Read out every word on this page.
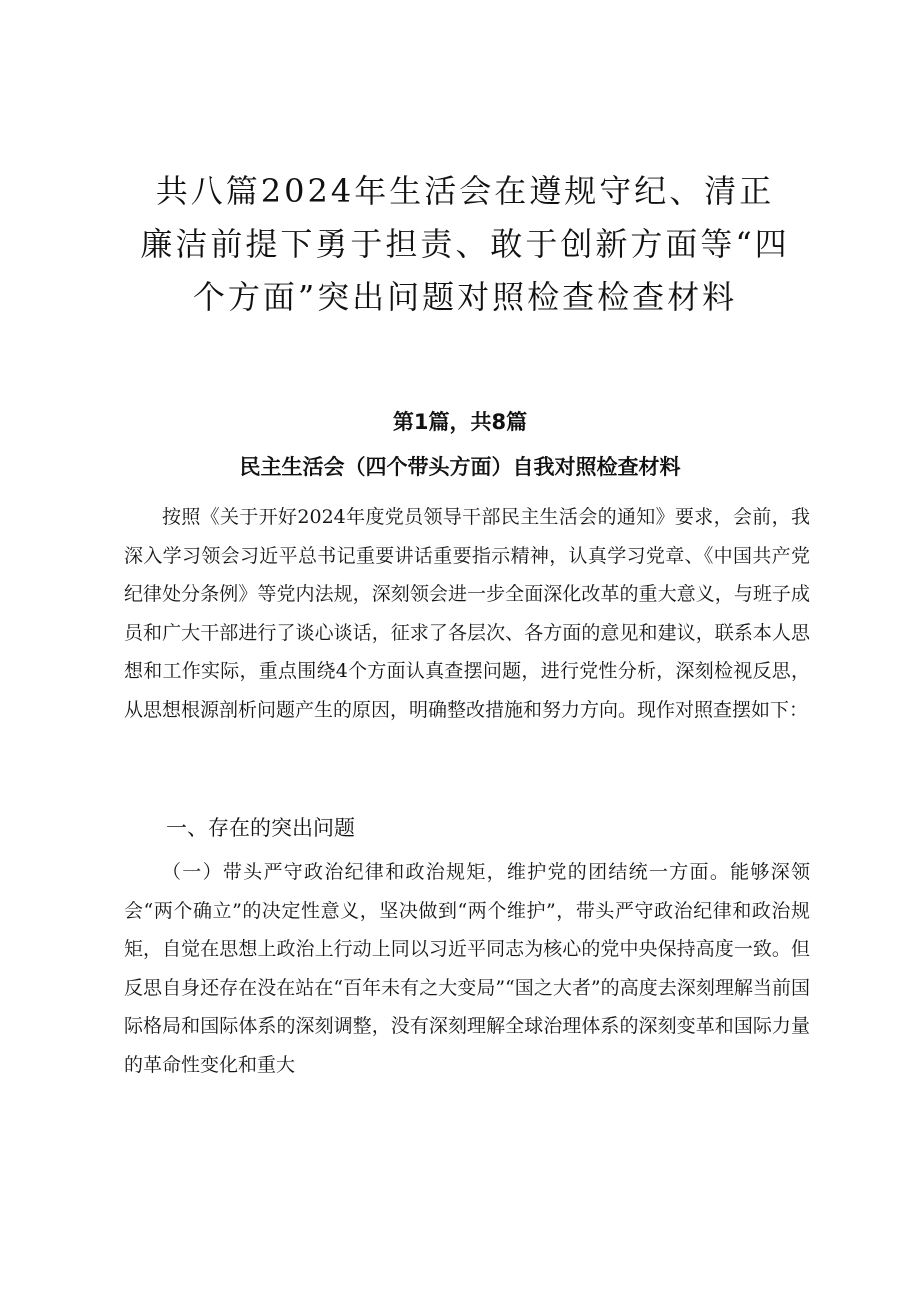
共八篇2024年生活会在遵规守纪、清正廉洁前提下勇于担责、敢于创新方面等“四个方面”突出问题对照检查检查材料

第1篇，共8篇

民主生活会（四个带头方面）自我对照检查材料

按照《关于开好2024年度党员领导干部民主生活会的通知》要求，会前，我深入学习领会习近平总书记重要讲话重要指示精神，认真学习党章、《中国共产党纪律处分条例》等党内法规，深刻领会进一步全面深化改革的重大意义，与班子成员和广大干部进行了谈心谈话，征求了各层次、各方面的意见和建议，联系本人思想和工作实际，重点围绕4个方面认真查摆问题，进行党性分析，深刻检视反思，从思想根源剖析问题产生的原因，明确整改措施和努力方向。现作对照查摆如下：

一、存在的突出问题

（一）带头严守政治纪律和政治规矩，维护党的团结统一方面。能够深领会“两个确立”的决定性意义，坚决做到“两个维护”，带头严守政治纪律和政治规矩，自觉在思想上政治上行动上同以习近平同志为核心的党中央保持高度一致。但反思自身还存在没在站在“百年未有之大变局”“国之大者”的高度去深刻理解当前国际格局和国际体系的深刻调整，没有深刻理解全球治理体系的深刻变革和国际力量的革命性变化和重大
